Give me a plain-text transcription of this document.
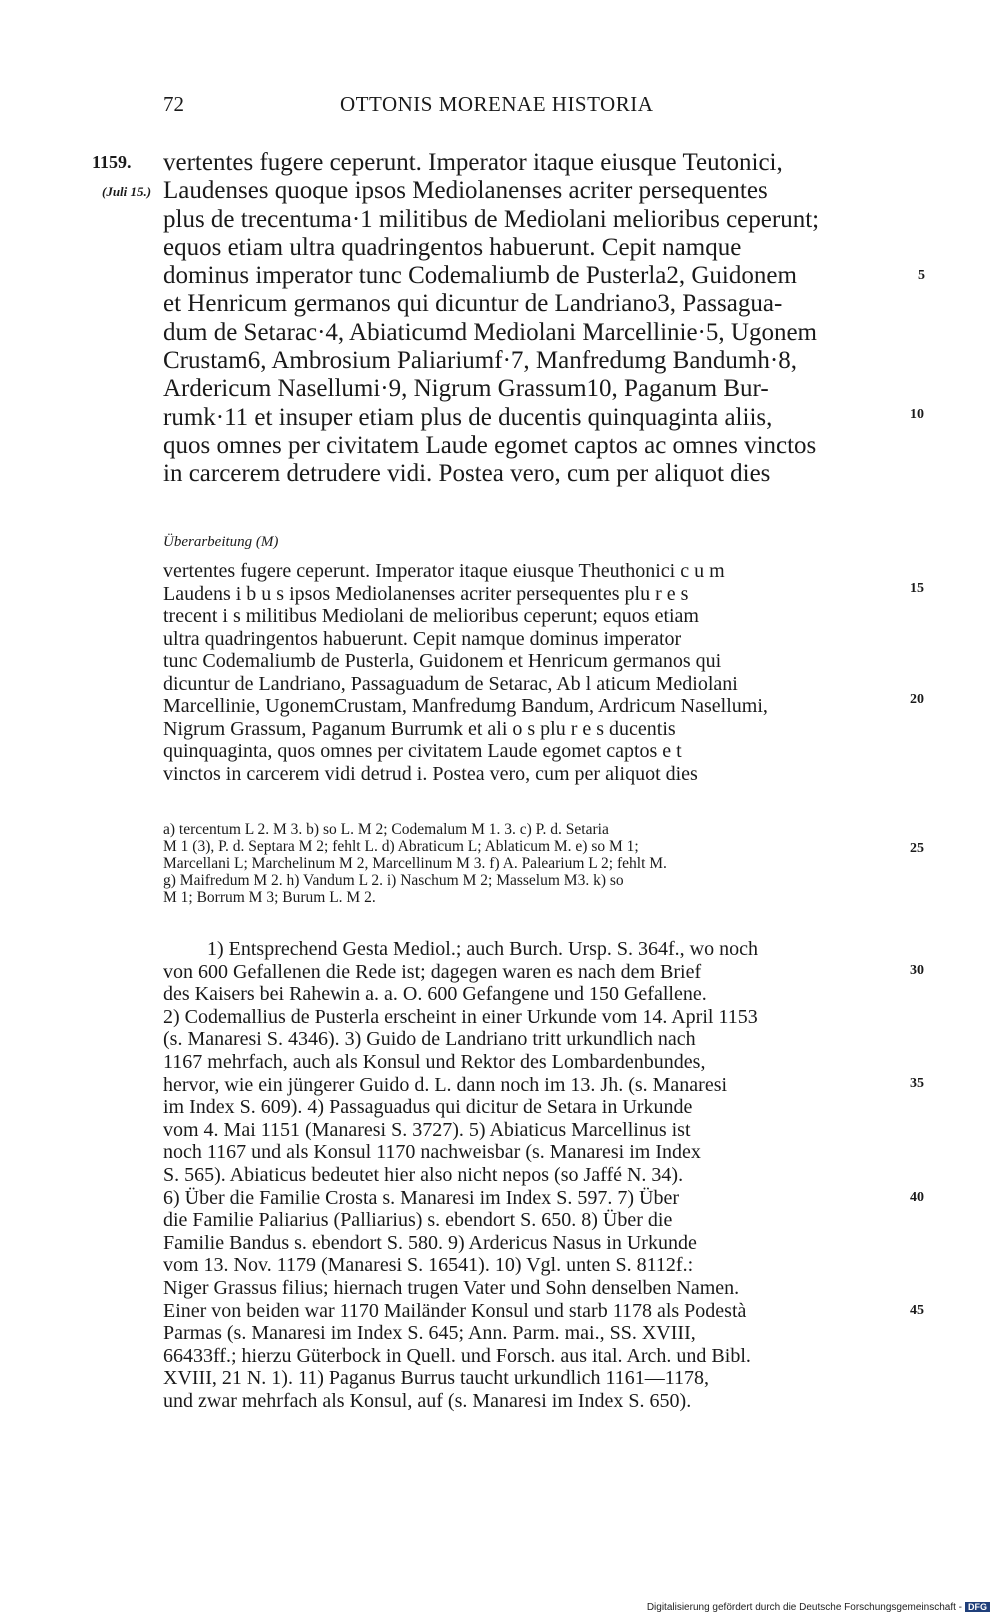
72	OTTONIS MORENAE HISTORIA
1159.
(Juli 15.)
5
10
15
20
25
30
35
40
45
vertentes fugere ceperunt. Imperator itaque eiusque Teutonici,
Laudenses quoque ipsos Mediolanenses acriter persequentes
plus de trecentuma·1 militibus de Mediolani melioribus ceperunt;
equos etiam ultra quadringentos habuerunt. Cepit namque
dominus imperator tunc Codemaliumb de Pusterla2, Guidonem
et Henricum germanos qui dicuntur de Landriano3, Passagua-
dum de Setarac·4, Abiaticumd Mediolani Marcellinie·5, Ugonem
Crustam6, Ambrosium Paliariumf·7, Manfredumg Bandumh·8,
Ardericum Nasellumi·9, Nigrum Grassum10, Paganum Bur-
rumk·11 et insuper etiam plus de ducentis quinquaginta aliis,
quos omnes per civitatem Laude egomet captos ac omnes vinctos
in carcerem detrudere vidi. Postea vero, cum per aliquot dies
Überarbeitung (M)
vertentes fugere ceperunt. Imperator itaque eiusque Theuthonici c u m
Laudens i b u s ipsos Mediolanenses acriter persequentes plu r e s
trecent i s militibus Mediolani de melioribus ceperunt; equos etiam
ultra quadringentos habuerunt. Cepit namque dominus imperator
tunc Codemaliumb de Pusterla, Guidonem et Henricum germanos qui
dicuntur de Landriano, Passaguadum de Setarac, Ab l aticum Mediolani
Marcellinie, UgonemCrustam, Manfredumg Bandum, Ardricum Nasellumi,
Nigrum Grassum, Paganum Burrumk et ali o s plu r e s ducentis
quinquaginta, quos omnes per civitatem Laude egomet captos e t
vinctos in carcerem vidi detrud i. Postea vero, cum per aliquot dies
a) tercentum L 2. M 3. b) so L. M 2; Codemalum M 1. 3. c) P. d. Setaria
M 1 (3), P. d. Septara M 2; fehlt L. d) Abraticum L; Ablaticum M. e) so M 1;
Marcellani L; Marchelinum M 2, Marcellinum M 3. f) A. Palearium L 2; fehlt M.
g) Maifredum M 2. h) Vandum L 2. i) Naschum M 2; Masselum M3. k) so
M 1; Borrum M 3; Burum L. M 2.
1) Entsprechend Gesta Mediol.; auch Burch. Ursp. S. 364f., wo noch
von 600 Gefallenen die Rede ist; dagegen waren es nach dem Brief
des Kaisers bei Rahewin a. a. O. 600 Gefangene und 150 Gefallene.
2) Codemallius de Pusterla erscheint in einer Urkunde vom 14. April 1153
(s. Manaresi S. 4346). 3) Guido de Landriano tritt urkundlich nach
1167 mehrfach, auch als Konsul und Rektor des Lombardenbundes,
hervor, wie ein jüngerer Guido d. L. dann noch im 13. Jh. (s. Manaresi
im Index S. 609). 4) Passaguadus qui dicitur de Setara in Urkunde
vom 4. Mai 1151 (Manaresi S. 3727). 5) Abiaticus Marcellinus ist
noch 1167 und als Konsul 1170 nachweisbar (s. Manaresi im Index
S. 565). Abiaticus bedeutet hier also nicht nepos (so Jaffé N. 34).
6) Über die Familie Crosta s. Manaresi im Index S. 597. 7) Über
die Familie Paliarius (Palliarius) s. ebendort S. 650. 8) Über die
Familie Bandus s. ebendort S. 580. 9) Ardericus Nasus in Urkunde
vom 13. Nov. 1179 (Manaresi S. 16541). 10) Vgl. unten S. 8112f.:
Niger Grassus filius; hiernach trugen Vater und Sohn denselben Namen.
Einer von beiden war 1170 Mailänder Konsul und starb 1178 als Podestà
Parmas (s. Manaresi im Index S. 645; Ann. Parm. mai., SS. XVIII,
66433ff.; hierzu Güterbock in Quell. und Forsch. aus ital. Arch. und Bibl.
XVIII, 21 N. 1). 11) Paganus Burrus taucht urkundlich 1161—1178,
und zwar mehrfach als Konsul, auf (s. Manaresi im Index S. 650).
Digitalisierung gefördert durch die Deutsche Forschungsgemeinschaft - DFG
